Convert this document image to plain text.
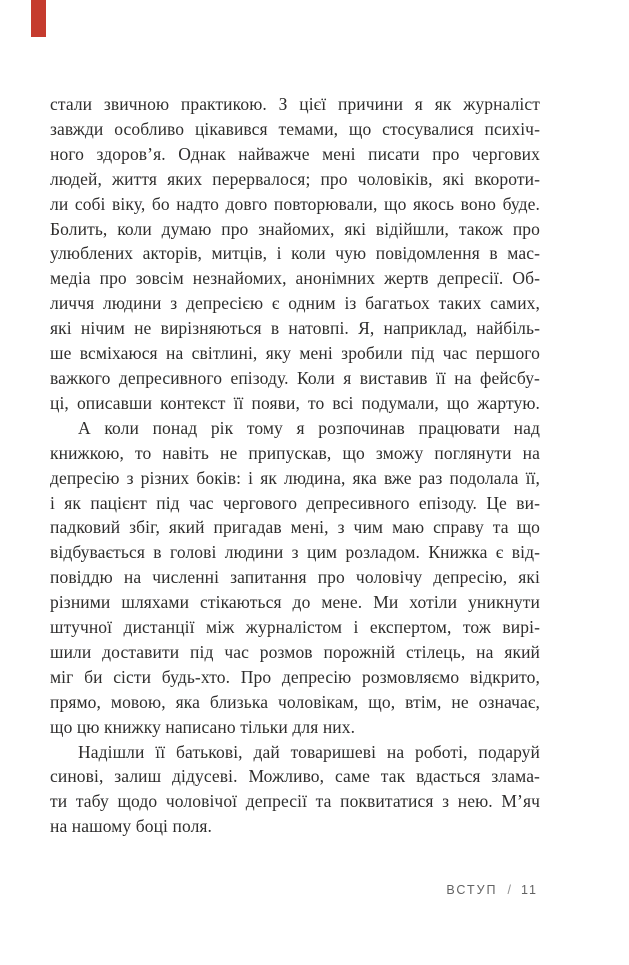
стали звичною практикою. З цієї причини я як журналіст
завжди особливо цікавився темами, що стосувалися психіч-
ного здоров’я. Однак найважче мені писати про чергових
людей, життя яких перервалося; про чоловіків, які вкороти-
ли собі віку, бо надто довго повторювали, що якось воно буде.
Болить, коли думаю про знайомих, які відійшли, також про
улюблених акторів, митців, і коли чую повідомлення в мас-
медіа про зовсім незнайомих, анонімних жертв депресії. Об-
личчя людини з депресією є одним із багатьох таких самих,
які нічим не вирізняються в натовпі. Я, наприклад, найбіль-
ше всміхаюся на світлині, яку мені зробили під час першого
важкого депресивного епізоду. Коли я виставив її на фейсбу-
ці, описавши контекст її появи, то всі подумали, що жартую.
А коли понад рік тому я розпочинав працювати над
книжкою, то навіть не припускав, що зможу поглянути на
депресію з різних боків: і як людина, яка вже раз подолала її,
і як пацієнт під час чергового депресивного епізоду. Це ви-
падковий збіг, який пригадав мені, з чим маю справу та що
відбувається в голові людини з цим розладом. Книжка є від-
повіддю на численні запитання про чоловічу депресію, які
різними шляхами стікаються до мене. Ми хотіли уникнути
штучної дистанції між журналістом і експертом, тож вирі-
шили доставити під час розмов порожній стілець, на який
міг би сісти будь-хто. Про депресію розмовляємо відкрито,
прямо, мовою, яка близька чоловікам, що, втім, не означає,
що цю книжку написано тільки для них.
Надішли її батькові, дай товаришеві на роботі, подаруй
синові, залиш дідусеві. Можливо, саме так вдасться злама-
ти табу щодо чоловічої депресії та поквитатися з нею. М’яч
на нашому боці поля.
ВСТУП / 11
